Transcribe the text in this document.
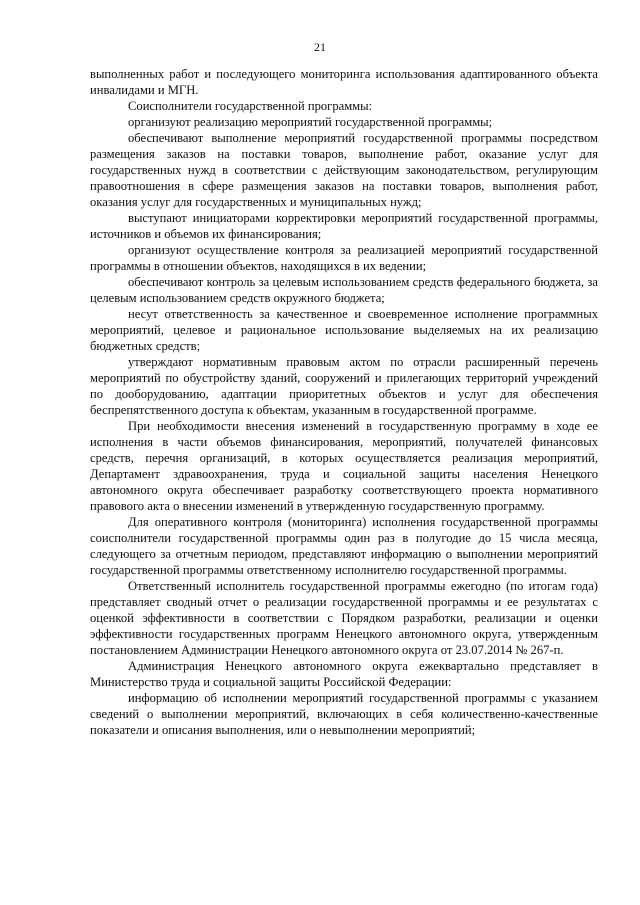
21

выполненных работ и последующего мониторинга использования адаптированного объекта инвалидами и МГН.

Соисполнители государственной программы:

организуют реализацию мероприятий государственной программы;

обеспечивают выполнение мероприятий государственной программы посредством размещения заказов на поставки товаров, выполнение работ, оказание услуг для государственных нужд в соответствии с действующим законодательством, регулирующим правоотношения в сфере размещения заказов на поставки товаров, выполнения работ, оказания услуг для государственных и муниципальных нужд;

выступают инициаторами корректировки мероприятий государственной программы, источников и объемов их финансирования;

организуют осуществление контроля за реализацией мероприятий государственной программы в отношении объектов, находящихся в их ведении;

обеспечивают контроль за целевым использованием средств федерального бюджета, за целевым использованием средств окружного бюджета;

несут ответственность за качественное и своевременное исполнение программных мероприятий, целевое и рациональное использование выделяемых на их реализацию бюджетных средств;

утверждают нормативным правовым актом по отрасли расширенный перечень мероприятий по обустройству зданий, сооружений и прилегающих территорий учреждений по дооборудованию, адаптации приоритетных объектов и услуг для обеспечения беспрепятственного доступа к объектам, указанным в государственной программе.

При необходимости внесения изменений в государственную программу в ходе ее исполнения в части объемов финансирования, мероприятий, получателей финансовых средств, перечня организаций, в которых осуществляется реализация мероприятий, Департамент здравоохранения, труда и социальной защиты населения Ненецкого автономного округа обеспечивает разработку соответствующего проекта нормативного правового акта о внесении изменений в утвержденную государственную программу.

Для оперативного контроля (мониторинга) исполнения государственной программы соисполнители государственной программы один раз в полугодие до 15 числа месяца, следующего за отчетным периодом, представляют информацию о выполнении мероприятий государственной программы ответственному исполнителю государственной программы.

Ответственный исполнитель государственной программы ежегодно (по итогам года) представляет сводный отчет о реализации государственной программы и ее результатах с оценкой эффективности в соответствии с Порядком разработки, реализации и оценки эффективности государственных программ Ненецкого автономного округа, утвержденным постановлением Администрации Ненецкого автономного округа от 23.07.2014 № 267-п.

Администрация Ненецкого автономного округа ежеквартально представляет в Министерство труда и социальной защиты Российской Федерации:

информацию об исполнении мероприятий государственной программы с указанием сведений о выполнении мероприятий, включающих в себя количественно-качественные показатели и описания выполнения, или о невыполнении мероприятий;
